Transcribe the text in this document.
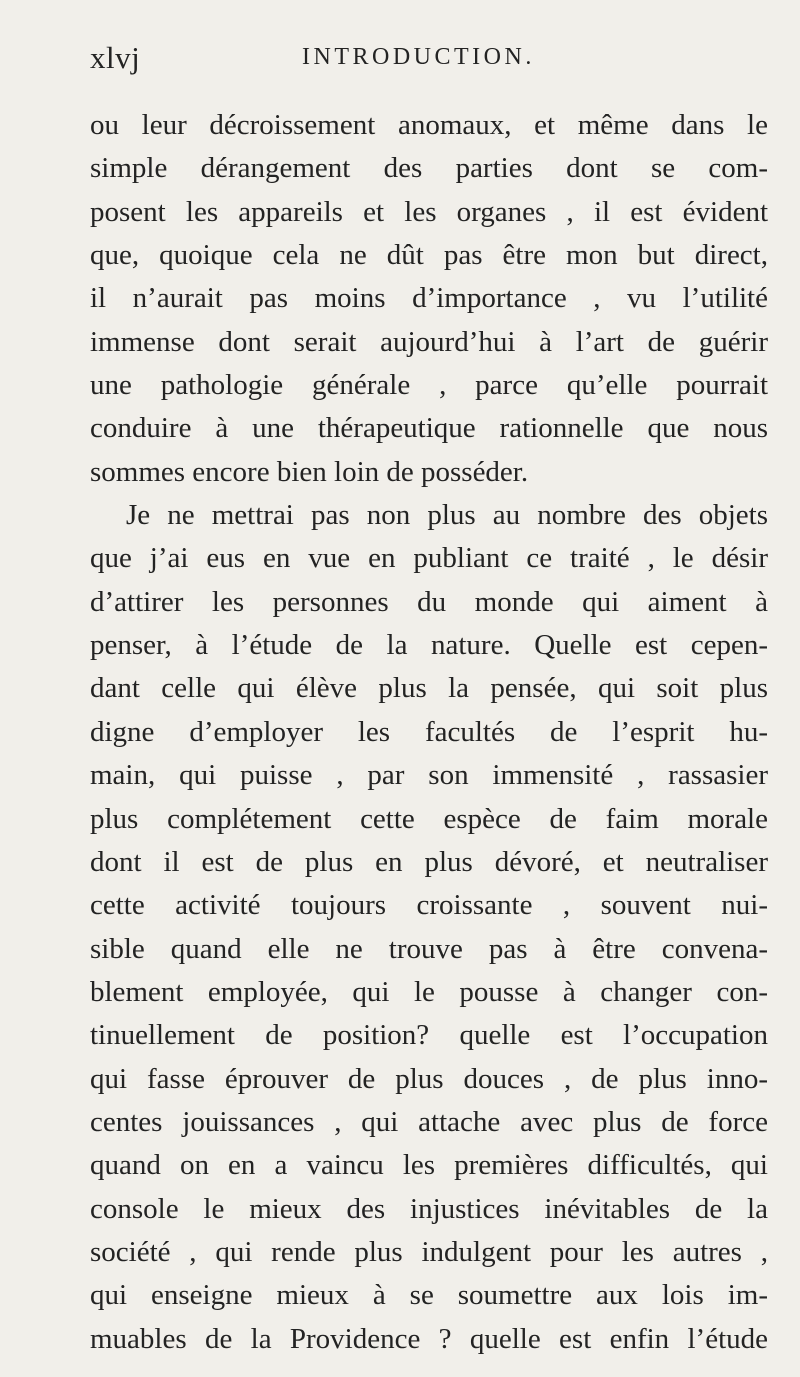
xlvj	INTRODUCTION.
ou leur décroissement anomaux, et même dans le
simple dérangement des parties dont se com-
posent les appareils et les organes , il est évident
que, quoique cela ne dût pas être mon but direct,
il n’aurait pas moins d’importance , vu l’utilité
immense dont serait aujourd’hui à l’art de guérir
une pathologie générale , parce qu’elle pourrait
conduire à une thérapeutique rationnelle que nous
sommes encore bien loin de posséder.
Je ne mettrai pas non plus au nombre des objets
que j’ai eus en vue en publiant ce traité , le désir
d’attirer les personnes du monde qui aiment à
penser, à l’étude de la nature. Quelle est cepen-
dant celle qui élève plus la pensée, qui soit plus
digne d’employer les facultés de l’esprit hu-
main, qui puisse , par son immensité , rassasier
plus complétement cette espèce de faim morale
dont il est de plus en plus dévoré, et neutraliser
cette activité toujours croissante , souvent nui-
sible quand elle ne trouve pas à être convena-
blement employée, qui le pousse à changer con-
tinuellement de position? quelle est l’occupation
qui fasse éprouver de plus douces , de plus inno-
centes jouissances , qui attache avec plus de force
quand on en a vaincu les premières difficultés, qui
console le mieux des injustices inévitables de la
société , qui rende plus indulgent pour les autres ,
qui enseigne mieux à se soumettre aux lois im-
muables de la Providence ? quelle est enfin l’étude
